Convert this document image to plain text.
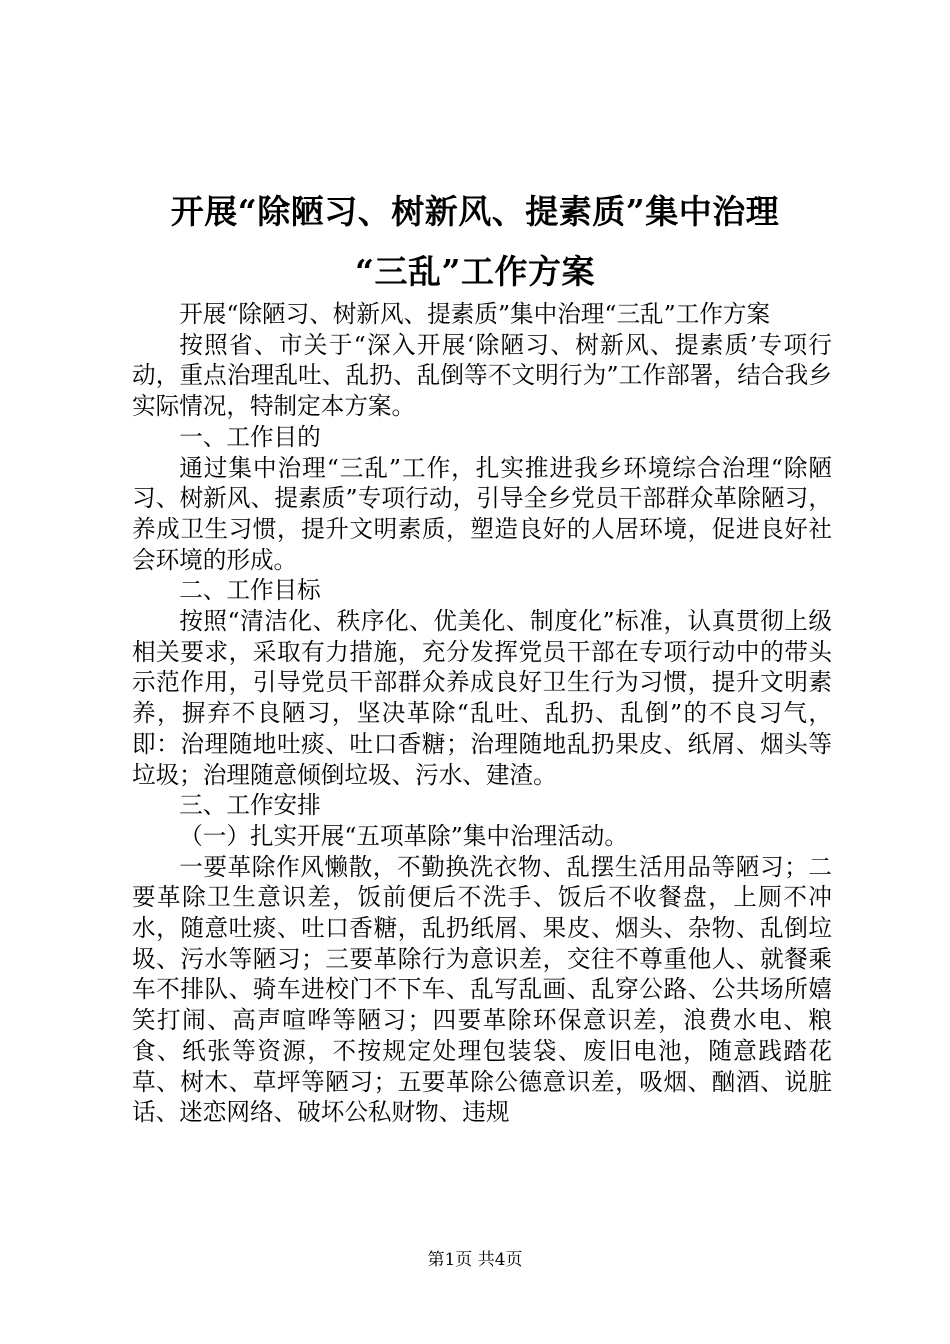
开展“除陋习、树新风、提素质”集中治理
“三乱”工作方案

开展“除陋习、树新风、提素质”集中治理“三乱”工作方案

按照省、市关于“深入开展‘除陋习、树新风、提素质’专项行动，重点治理乱吐、乱扔、乱倒等不文明行为”工作部署，结合我乡实际情况，特制定本方案。

一、工作目的

通过集中治理“三乱”工作，扎实推进我乡环境综合治理“除陋习、树新风、提素质”专项行动，引导全乡党员干部群众革除陋习，养成卫生习惯，提升文明素质，塑造良好的人居环境，促进良好社会环境的形成。

二、工作目标

按照“清洁化、秩序化、优美化、制度化”标准，认真贯彻上级相关要求，采取有力措施，充分发挥党员干部在专项行动中的带头示范作用，引导党员干部群众养成良好卫生行为习惯，提升文明素养，摒弃不良陋习，坚决革除“乱吐、乱扔、乱倒”的不良习气，即：治理随地吐痰、吐口香糖；治理随地乱扔果皮、纸屑、烟头等垃圾；治理随意倾倒垃圾、污水、建渣。

三、工作安排

（一）扎实开展“五项革除”集中治理活动。

一要革除作风懒散，不勤换洗衣物、乱摆生活用品等陋习；二要革除卫生意识差，饭前便后不洗手、饭后不收餐盘，上厕不冲水，随意吐痰、吐口香糖，乱扔纸屑、果皮、烟头、杂物、乱倒垃圾、污水等陋习；三要革除行为意识差，交往不尊重他人、就餐乘车不排队、骑车进校门不下车、乱写乱画、乱穿公路、公共场所嬉笑打闹、高声喧哗等陋习；四要革除环保意识差，浪费水电、粮食、纸张等资源，不按规定处理包装袋、废旧电池，随意践踏花草、树木、草坪等陋习；五要革除公德意识差，吸烟、酗酒、说脏话、迷恋网络、破坏公私财物、违规

第1页 共4页
